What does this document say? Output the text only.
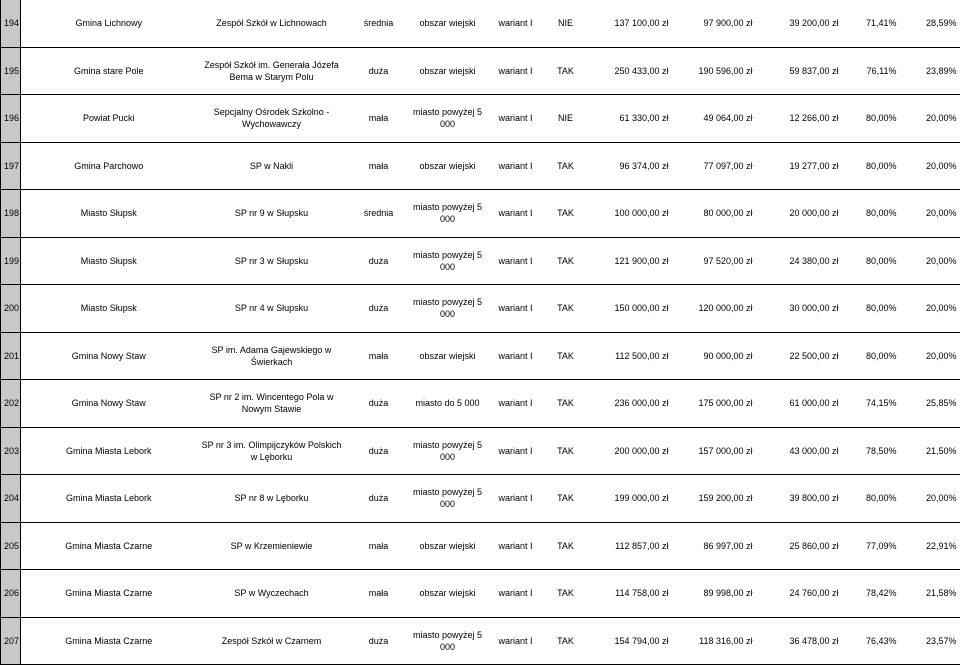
194	Gmina Lichnowy	Zespół Szkół w Lichnowach	średnia	obszar wiejski	wariant I	NIE	137 100,00 zł	97 900,00 zł	39 200,00 zł	71,41%	28,59%
195	Gmina stare Pole	Zespół Szkół im. Generała Józefa Bema w Starym Polu	duża	obszar wiejski	wariant I	TAK	250 433,00 zł	190 596,00 zł	59 837,00 zł	76,11%	23,89%
196	Powiat Pucki	Sepcjalny Ośrodek Szkolno - Wychowawczy	mała	miasto powyżej 5 000	wariant I	NIE	61 330,00 zł	49 064,00 zł	12 266,00 zł	80,00%	20,00%
197	Gmina Parchowo	SP w Nakli	mała	obszar wiejski	wariant I	TAK	96 374,00 zł	77 097,00 zł	19 277,00 zł	80,00%	20,00%
198	Miasto Słupsk	SP nr 9 w Słupsku	średnia	miasto powyżej 5 000	wariant I	TAK	100 000,00 zł	80 000,00 zł	20 000,00 zł	80,00%	20,00%
199	Miasto Słupsk	SP nr 3 w Słupsku	duża	miasto powyżej 5 000	wariant I	TAK	121 900,00 zł	97 520,00 zł	24 380,00 zł	80,00%	20,00%
200	Miasto Słupsk	SP nr 4 w Słupsku	duża	miasto powyżej 5 000	wariant I	TAK	150 000,00 zł	120 000,00 zł	30 000,00 zł	80,00%	20,00%
201	Gmina Nowy Staw	SP im. Adama Gajewskiego w Świerkach	mała	obszar wiejski	wariant I	TAK	112 500,00 zł	90 000,00 zł	22 500,00 zł	80,00%	20,00%
202	Gmina Nowy Staw	SP nr 2 im. Wincentego Pola w Nowym Stawie	duża	miasto do 5 000	wariant I	TAK	236 000,00 zł	175 000,00 zł	61 000,00 zł	74,15%	25,85%
203	Gmina Miasta Lebork	SP nr 3 im. Olimpijczyków Polskich w Lęborku	duża	miasto powyżej 5 000	wariant I	TAK	200 000,00 zł	157 000,00 zł	43 000,00 zł	78,50%	21,50%
204	Gmina Miasta Lebork	SP nr 8 w Lęborku	duża	miasto powyżej 5 000	wariant I	TAK	199 000,00 zł	159 200,00 zł	39 800,00 zł	80,00%	20,00%
205	Gmina Miasta Czarne	SP w Krzemieniewie	mała	obszar wiejski	wariant I	TAK	112 857,00 zł	86 997,00 zł	25 860,00 zł	77,09%	22,91%
206	Gmina Miasta Czarne	SP w Wyczechach	mała	obszar wiejski	wariant I	TAK	114 758,00 zł	89 998,00 zł	24 760,00 zł	78,42%	21,58%
207	Gmina Miasta Czarne	Zespół Szkół w Czarnem	duża	miasto powyżej 5 000	wariant I	TAK	154 794,00 zł	118 316,00 zł	36 478,00 zł	76,43%	23,57%
